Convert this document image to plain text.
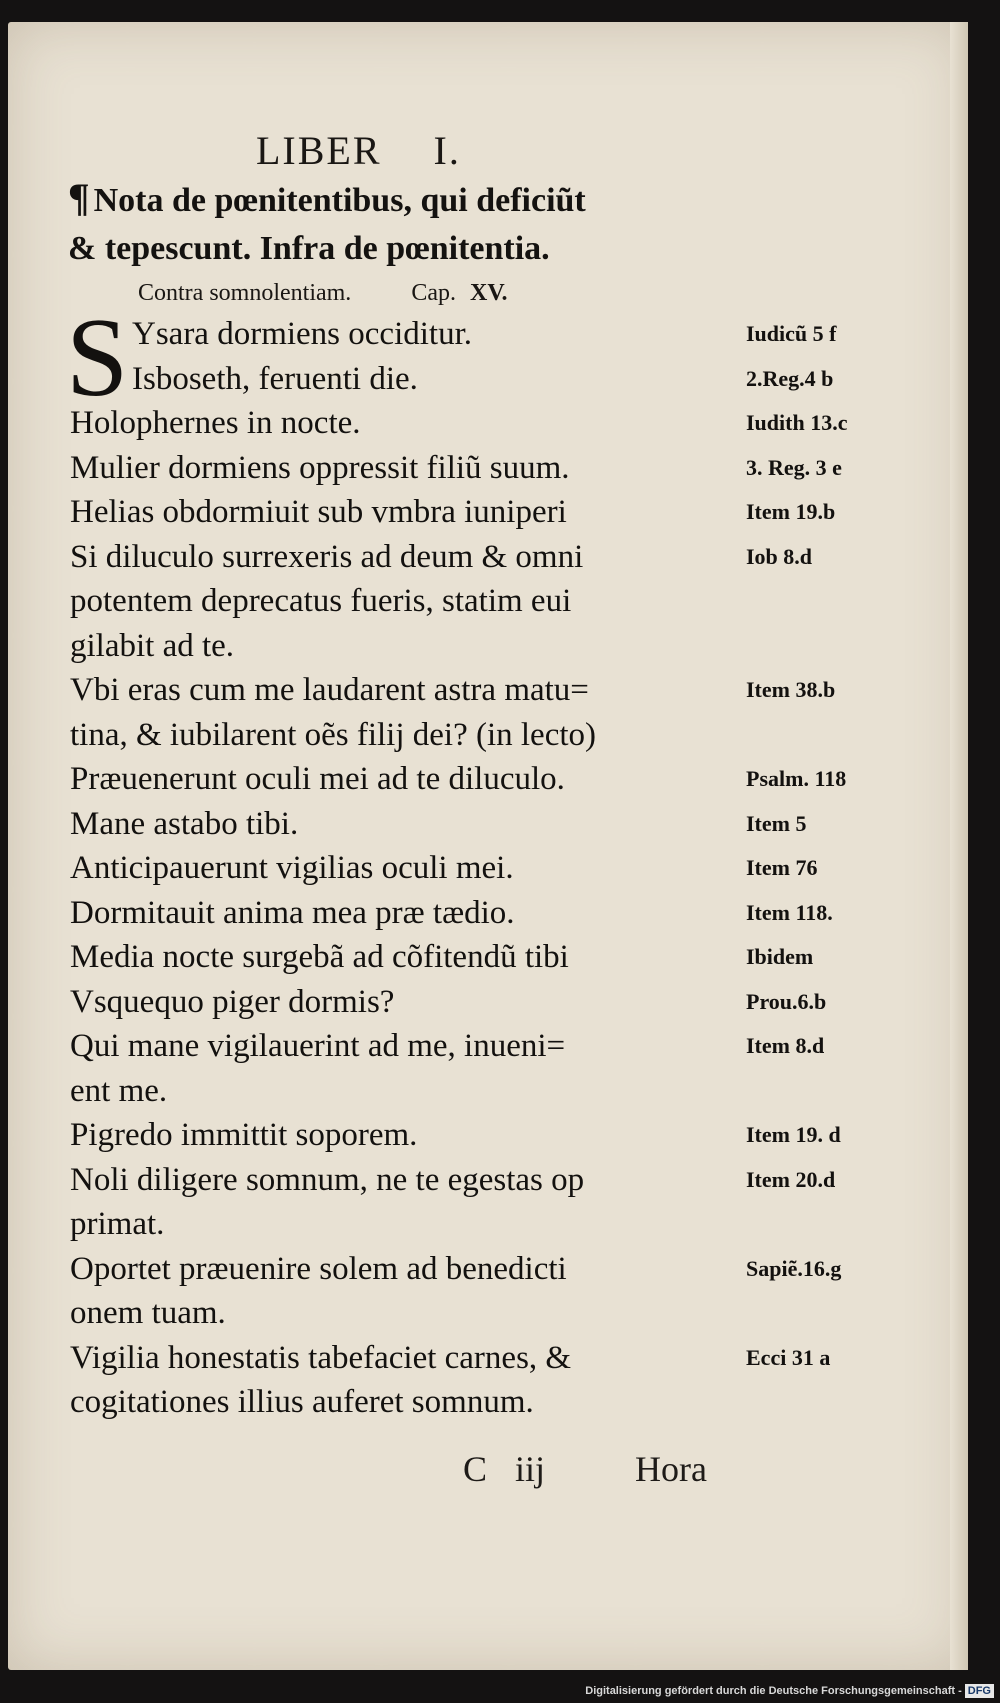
LIBER I.
¶ Nota de pœnitentibus, qui deficiũt
& tepescunt. Infra de pœnitentia.
Contra somnolentiam.	Cap. XV.
S Ysara dormiens occiditur.
Isboseth, feruenti die.
Holophernes in nocte.
Mulier dormiens oppressit filiũ suum.
Helias obdormiuit sub vmbra iuniperi
Si diluculo surrexeris ad deum & omni
potentem deprecatus fueris, statim eui
gilabit ad te.
Vbi eras cum me laudarent astra matu=
tina, & iubilarent oẽs filij dei? (in lecto)
Præuenerunt oculi mei ad te diluculo.
Mane astabo tibi.
Anticipauerunt vigilias oculi mei.
Dormitauit anima mea præ tædio.
Media nocte surgebã ad cõfitendũ tibi
Vsquequo piger dormis?
Qui mane vigilauerint ad me, inueni=
ent me.
Pigredo immittit soporem.
Noli diligere somnum, ne te egestas op
primat.
Oportet præuenire solem ad benedicti
onem tuam.
Vigilia honestatis tabefaciet carnes, &
cogitationes illius auferet somnum.
Iudicũ 5 f
2.Reg.4 b
Iudith 13.c
3. Reg. 3 e
Item 19.b
Iob 8.d
Item 38.b
Psalm. 118
Item 5
Item 76
Item 118.
Ibidem
Prou.6.b
Item 8.d
Item 19. d
Item 20.d
Sapiẽ.16.g
Ecci 31 a
C iij	Hora
Digitalisierung gefördert durch die Deutsche Forschungsgemeinschaft - DFG
